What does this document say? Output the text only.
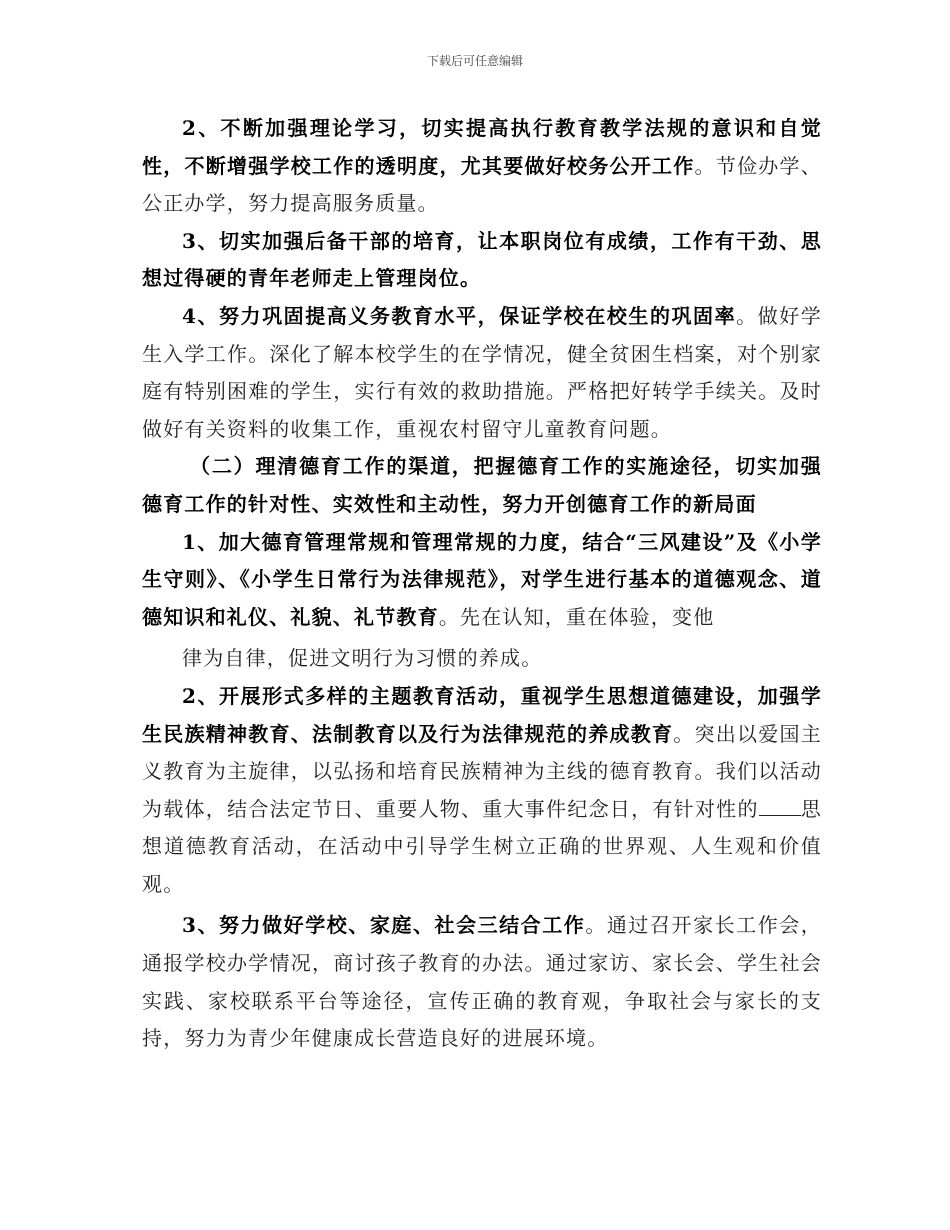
下载后可任意编辑

2、不断加强理论学习，切实提高执行教育教学法规的意识和自觉性，不断增强学校工作的透明度，尤其要做好校务公开工作。节俭办学、公正办学，努力提高服务质量。

3、切实加强后备干部的培育，让本职岗位有成绩，工作有干劲、思想过得硬的青年老师走上管理岗位。

4、努力巩固提高义务教育水平，保证学校在校生的巩固率。做好学生入学工作。深化了解本校学生的在学情况，健全贫困生档案，对个别家庭有特别困难的学生，实行有效的救助措施。严格把好转学手续关。及时做好有关资料的收集工作，重视农村留守儿童教育问题。

（二）理清德育工作的渠道，把握德育工作的实施途径，切实加强德育工作的针对性、实效性和主动性，努力开创德育工作的新局面

1、加大德育管理常规和管理常规的力度，结合“三风建设”及《小学生守则》、《小学生日常行为法律规范》，对学生进行基本的道德观念、道德知识和礼仪、礼貌、礼节教育。先在认知，重在体验，变他

律为自律，促进文明行为习惯的养成。

2、开展形式多样的主题教育活动，重视学生思想道德建设，加强学生民族精神教育、法制教育以及行为法律规范的养成教育。突出以爱国主义教育为主旋律，以弘扬和培育民族精神为主线的德育教育。我们以活动为载体，结合法定节日、重要人物、重大事件纪念日，有针对性的 思想道德教育活动，在活动中引导学生树立正确的世界观、人生观和价值观。

3、努力做好学校、家庭、社会三结合工作。通过召开家长工作会，通报学校办学情况，商讨孩子教育的办法。通过家访、家长会、学生社会实践、家校联系平台等途径，宣传正确的教育观，争取社会与家长的支持，努力为青少年健康成长营造良好的进展环境。
